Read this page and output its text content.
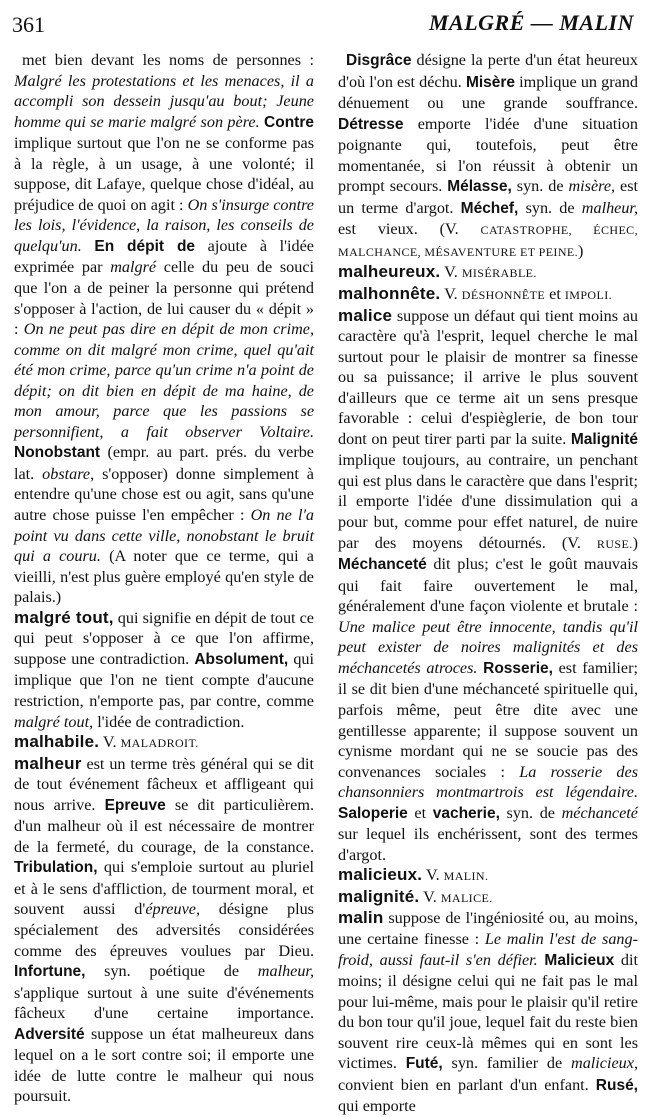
361	MALGRÉ — MALIN

met bien devant les noms de personnes : Malgré les protestations et les menaces, il a accompli son dessein jusqu'au bout; Jeune homme qui se marie malgré son père. Contre implique surtout que l'on ne se conforme pas à la règle, à un usage, à une volonté; il suppose, dit Lafaye, quelque chose d'idéal, au préjudice de quoi on agit : On s'insurge contre les lois, l'évidence, la raison, les conseils de quelqu'un. En dépit de ajoute à l'idée exprimée par malgré celle du peu de souci que l'on a de peiner la personne qui prétend s'opposer à l'action, de lui causer du « dépit » : On ne peut pas dire en dépit de mon crime, comme on dit malgré mon crime, quel qu'ait été mon crime, parce qu'un crime n'a point de dépit; on dit bien en dépit de ma haine, de mon amour, parce que les passions se personnifient, a fait observer Voltaire. Nonobstant (empr. au part. prés. du verbe lat. obstare, s'opposer) donne simplement à entendre qu'une chose est ou agit, sans qu'une autre chose puisse l'en empêcher : On ne l'a point vu dans cette ville, nonobstant le bruit qui a couru. (A noter que ce terme, qui a vieilli, n'est plus guère employé qu'en style de palais.)

malgré tout, qui signifie en dépit de tout ce qui peut s'opposer à ce que l'on affirme, suppose une contradiction. Absolument, qui implique que l'on ne tient compte d'aucune restriction, n'emporte pas, par contre, comme malgré tout, l'idée de contradiction.

malhabile. V. MALADROIT.

malheur est un terme très général qui se dit de tout événement fâcheux et affligeant qui nous arrive. Epreuve se dit particulièrem. d'un malheur où il est nécessaire de montrer de la fermeté, du courage, de la constance. Tribulation, qui s'emploie surtout au pluriel et à le sens d'affliction, de tourment moral, et souvent aussi d'épreuve, désigne plus spécialement des adversités considérées comme des épreuves voulues par Dieu. Infortune, syn. poétique de malheur, s'applique surtout à une suite d'événements fâcheux d'une certaine importance. Adversité suppose un état malheureux dans lequel on a le sort contre soi; il emporte une idée de lutte contre le malheur qui nous poursuit.

Disgrâce désigne la perte d'un état heureux d'où l'on est déchu. Misère implique un grand dénuement ou une grande souffrance. Détresse emporte l'idée d'une situation poignante qui, toutefois, peut être momentanée, si l'on réussit à obtenir un prompt secours. Mélasse, syn. de misère, est un terme d'argot. Méchef, syn. de malheur, est vieux. (V. CATASTROPHE, ÉCHEC, MALCHANCE, MÉSAVENTURE ET PEINE.)

malheureux. V. MISÉRABLE.

malhonnête. V. DÉSHONNÊTE et IMPOLI.

malice suppose un défaut qui tient moins au caractère qu'à l'esprit, lequel cherche le mal surtout pour le plaisir de montrer sa finesse ou sa puissance; il arrive le plus souvent d'ailleurs que ce terme ait un sens presque favorable : celui d'espièglerie, de bon tour dont on peut tirer parti par la suite. Malignité implique toujours, au contraire, un penchant qui est plus dans le caractère que dans l'esprit; il emporte l'idée d'une dissimulation qui a pour but, comme pour effet naturel, de nuire par des moyens détournés. (V. RUSE.) Méchanceté dit plus; c'est le goût mauvais qui fait faire ouvertement le mal, généralement d'une façon violente et brutale : Une malice peut être innocente, tandis qu'il peut exister de noires malignités et des méchancetés atroces. Rosserie, est familier; il se dit bien d'une méchanceté spirituelle qui, parfois même, peut être dite avec une gentillesse apparente; il suppose souvent un cynisme mordant qui ne se soucie pas des convenances sociales : La rosserie des chansonniers montmartrois est légendaire. Saloperie et vacherie, syn. de méchanceté sur lequel ils enchérissent, sont des termes d'argot.

malicieux. V. MALIN.

malignité. V. MALICE.

malin suppose de l'ingéniosité ou, au moins, une certaine finesse : Le malin l'est de sang-froid, aussi faut-il s'en défier. Malicieux dit moins; il désigne celui qui ne fait pas le mal pour lui-même, mais pour le plaisir qu'il retire du bon tour qu'il joue, lequel fait du reste bien souvent rire ceux-là mêmes qui en sont les victimes. Futé, syn. familier de malicieux, convient bien en parlant d'un enfant. Rusé, qui emporte
